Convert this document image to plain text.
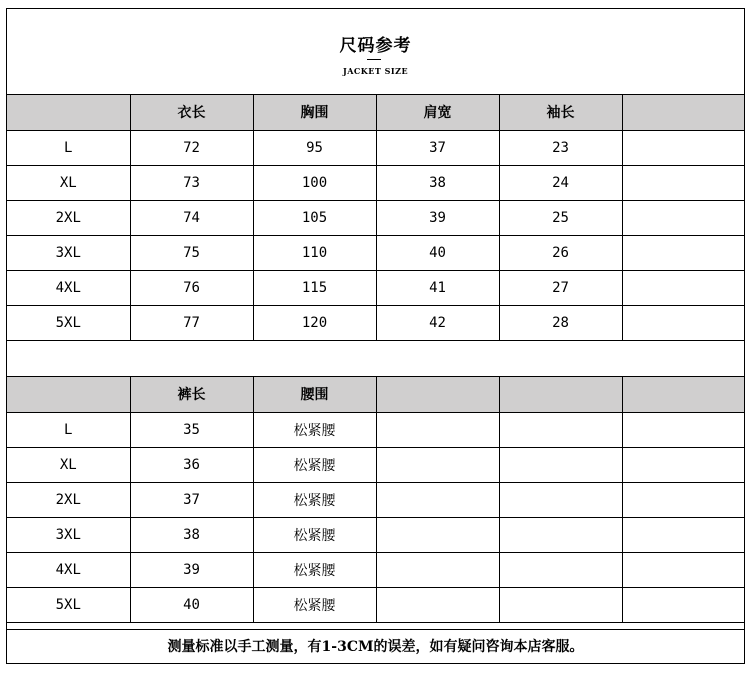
尺码参考
JACKET SIZE
	衣长	胸围	肩宽	袖长	
L	72	95	37	23	
XL	73	100	38	24	
2XL	74	105	39	25	
3XL	75	110	40	26	
4XL	76	115	41	27	
5XL	77	120	42	28	
	裤长	腰围			
L	35	松紧腰			
XL	36	松紧腰			
2XL	37	松紧腰			
3XL	38	松紧腰			
4XL	39	松紧腰			
5XL	40	松紧腰			
测量标准以手工测量，有1-3CM的误差，如有疑问咨询本店客服。
